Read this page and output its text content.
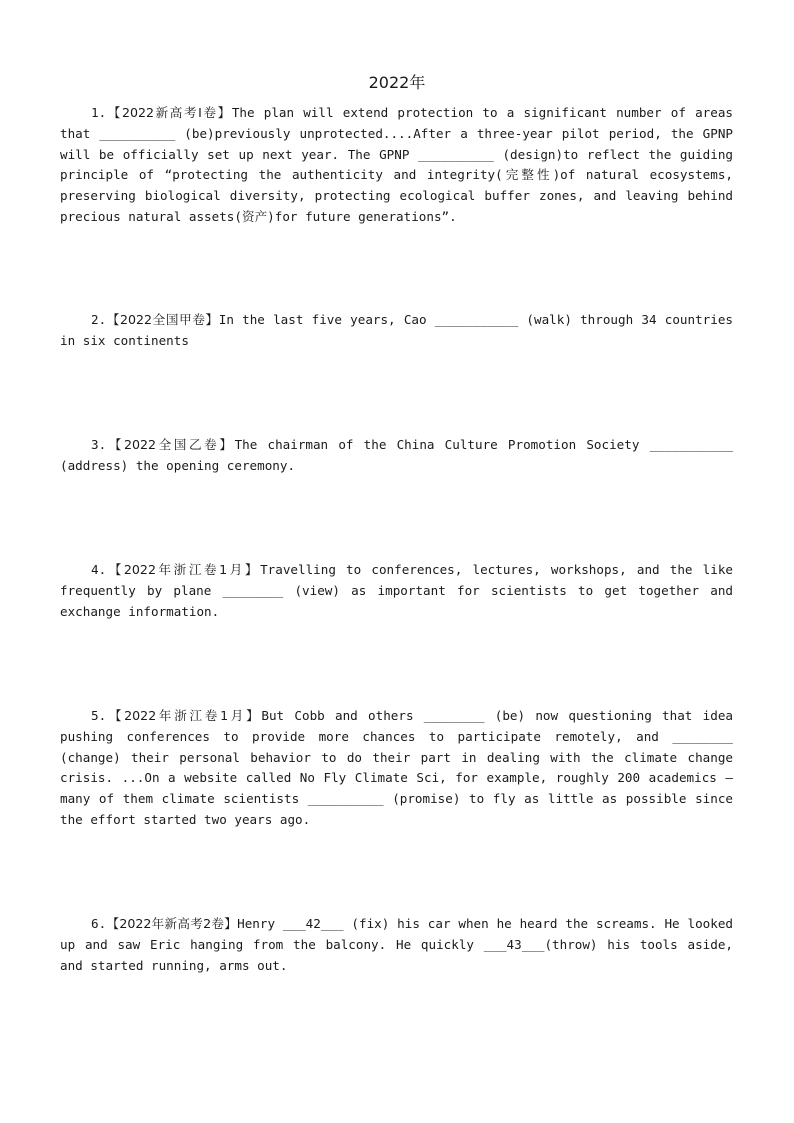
2022年
1.【2022新高考I卷】The plan will extend protection to a significant number of areas that __________ (be)previously unprotected....After a three-year pilot period, the GPNP will be officially set up next year. The GPNP __________ (design)to reflect the guiding principle of “protecting the authenticity and integrity(完整性)of natural ecosystems, preserving biological diversity, protecting ecological buffer zones, and leaving behind precious natural assets(资产)for future generations”.
2.【2022全国甲卷】In the last five years, Cao ___________ (walk) through 34 countries in six continents
3.【2022全国乙卷】The chairman of the China Culture Promotion Society ___________ (address) the opening ceremony.
4.【2022年浙江卷1月】Travelling to conferences, lectures, workshops, and the like frequently by plane ________ (view) as important for scientists to get together and exchange information.
5.【2022年浙江卷1月】But Cobb and others ________ (be) now questioning that idea pushing conferences to provide more chances to participate remotely, and ________ (change) their personal behavior to do their part in dealing with the climate change crisis. ...On a website called No Fly Climate Sci, for example, roughly 200 academics —many of them climate scientists __________ (promise) to fly as little as possible since the effort started two years ago.
6.【2022年新高考2卷】Henry ___42___ (fix) his car when he heard the screams. He looked up and saw Eric hanging from the balcony. He quickly ___43___(throw) his tools aside, and started running, arms out.
